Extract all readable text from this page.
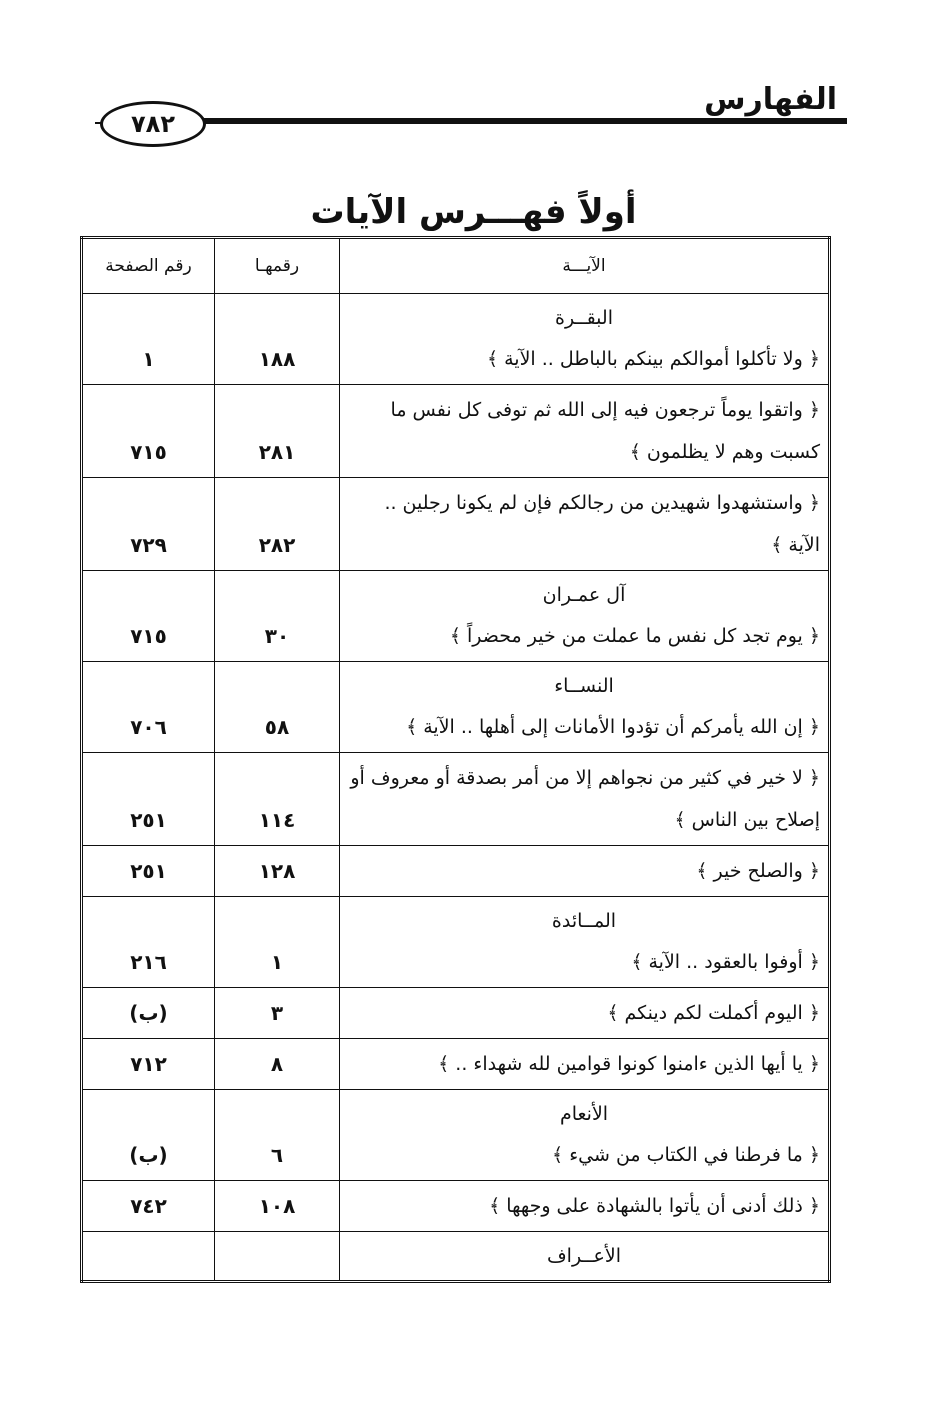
الفهارس
٧٨٢
أولاً فهـــرس الآيات
الآيـــة	رقمهـا	رقم الصفحة

البقــرة
﴿ ولا تأكلوا أموالكم بينكم بالباطل .. الآية ﴾	١٨٨	١
﴿ واتقوا يوماً ترجعون فيه إلى الله ثم توفى كل نفس ما كسبت وهم لا يظلمون ﴾	٢٨١	٧١٥
﴿ واستشهدوا شهيدين من رجالكم فإن لم يكونا رجلين .. الآية ﴾	٢٨٢	٧٢٩

آل عمـران
﴿ يوم تجد كل نفس ما عملت من خير محضراً ﴾	٣٠	٧١٥

النســاء
﴿ إن الله يأمركم أن تؤدوا الأمانات إلى أهلها .. الآية ﴾	٥٨	٧٠٦
﴿ لا خير في كثير من نجواهم إلا من أمر بصدقة أو معروف أو إصلاح بين الناس ﴾	١١٤	٢٥١
﴿ والصلح خير ﴾	١٢٨	٢٥١

المــائدة
﴿ أوفوا بالعقود .. الآية ﴾	١	٢١٦
﴿ اليوم أكملت لكم دينكم ﴾	٣	(ب)
﴿ يا أيها الذين ءامنوا كونوا قوامين لله شهداء .. ﴾	٨	٧١٢

الأنعام
﴿ ما فرطنا في الكتاب من شيء ﴾	٦	(ب)
﴿ ذلك أدنى أن يأتوا بالشهادة على وجهها ﴾	١٠٨	٧٤٢

الأعــراف		
